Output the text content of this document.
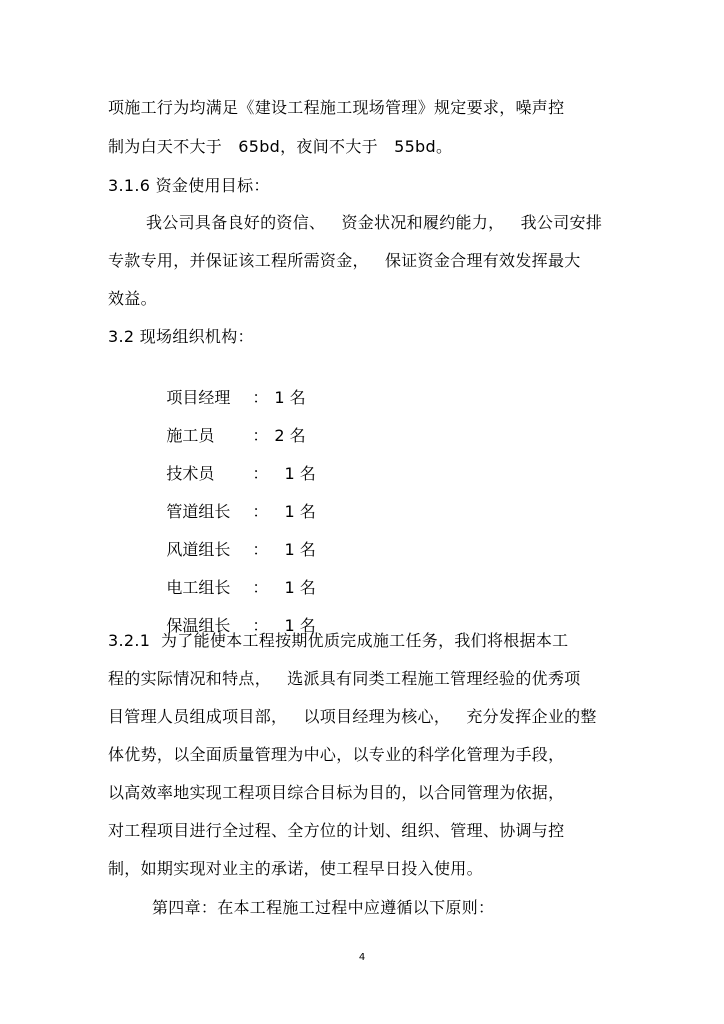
项施工行为均满足《建设工程施工现场管理》规定要求，噪声控
制为白天不大于   65bd，夜间不大于   55bd。
3.1.6 资金使用目标：
我公司具备良好的资信、   资金状况和履约能力，   我公司安排
专款专用，并保证该工程所需资金，   保证资金合理有效发挥最大
效益。
3.2 现场组织机构：

项目经理 ： 1 名

施工员 ： 2 名

技术员 ：  1 名

管道组长 ：  1 名

风道组长 ：  1 名

电工组长 ：  1 名

保温组长 ：  1 名

3.2.1  为了能使本工程按期优质完成施工任务，我们将根据本工
程的实际情况和特点，   选派具有同类工程施工管理经验的优秀项
目管理人员组成项目部，   以项目经理为核心，   充分发挥企业的整
体优势，以全面质量管理为中心，以专业的科学化管理为手段，
以高效率地实现工程项目综合目标为目的，以合同管理为依据，
对工程项目进行全过程、全方位的计划、组织、管理、协调与控
制，如期实现对业主的承诺，使工程早日投入使用。
第四章：在本工程施工过程中应遵循以下原则：
4
